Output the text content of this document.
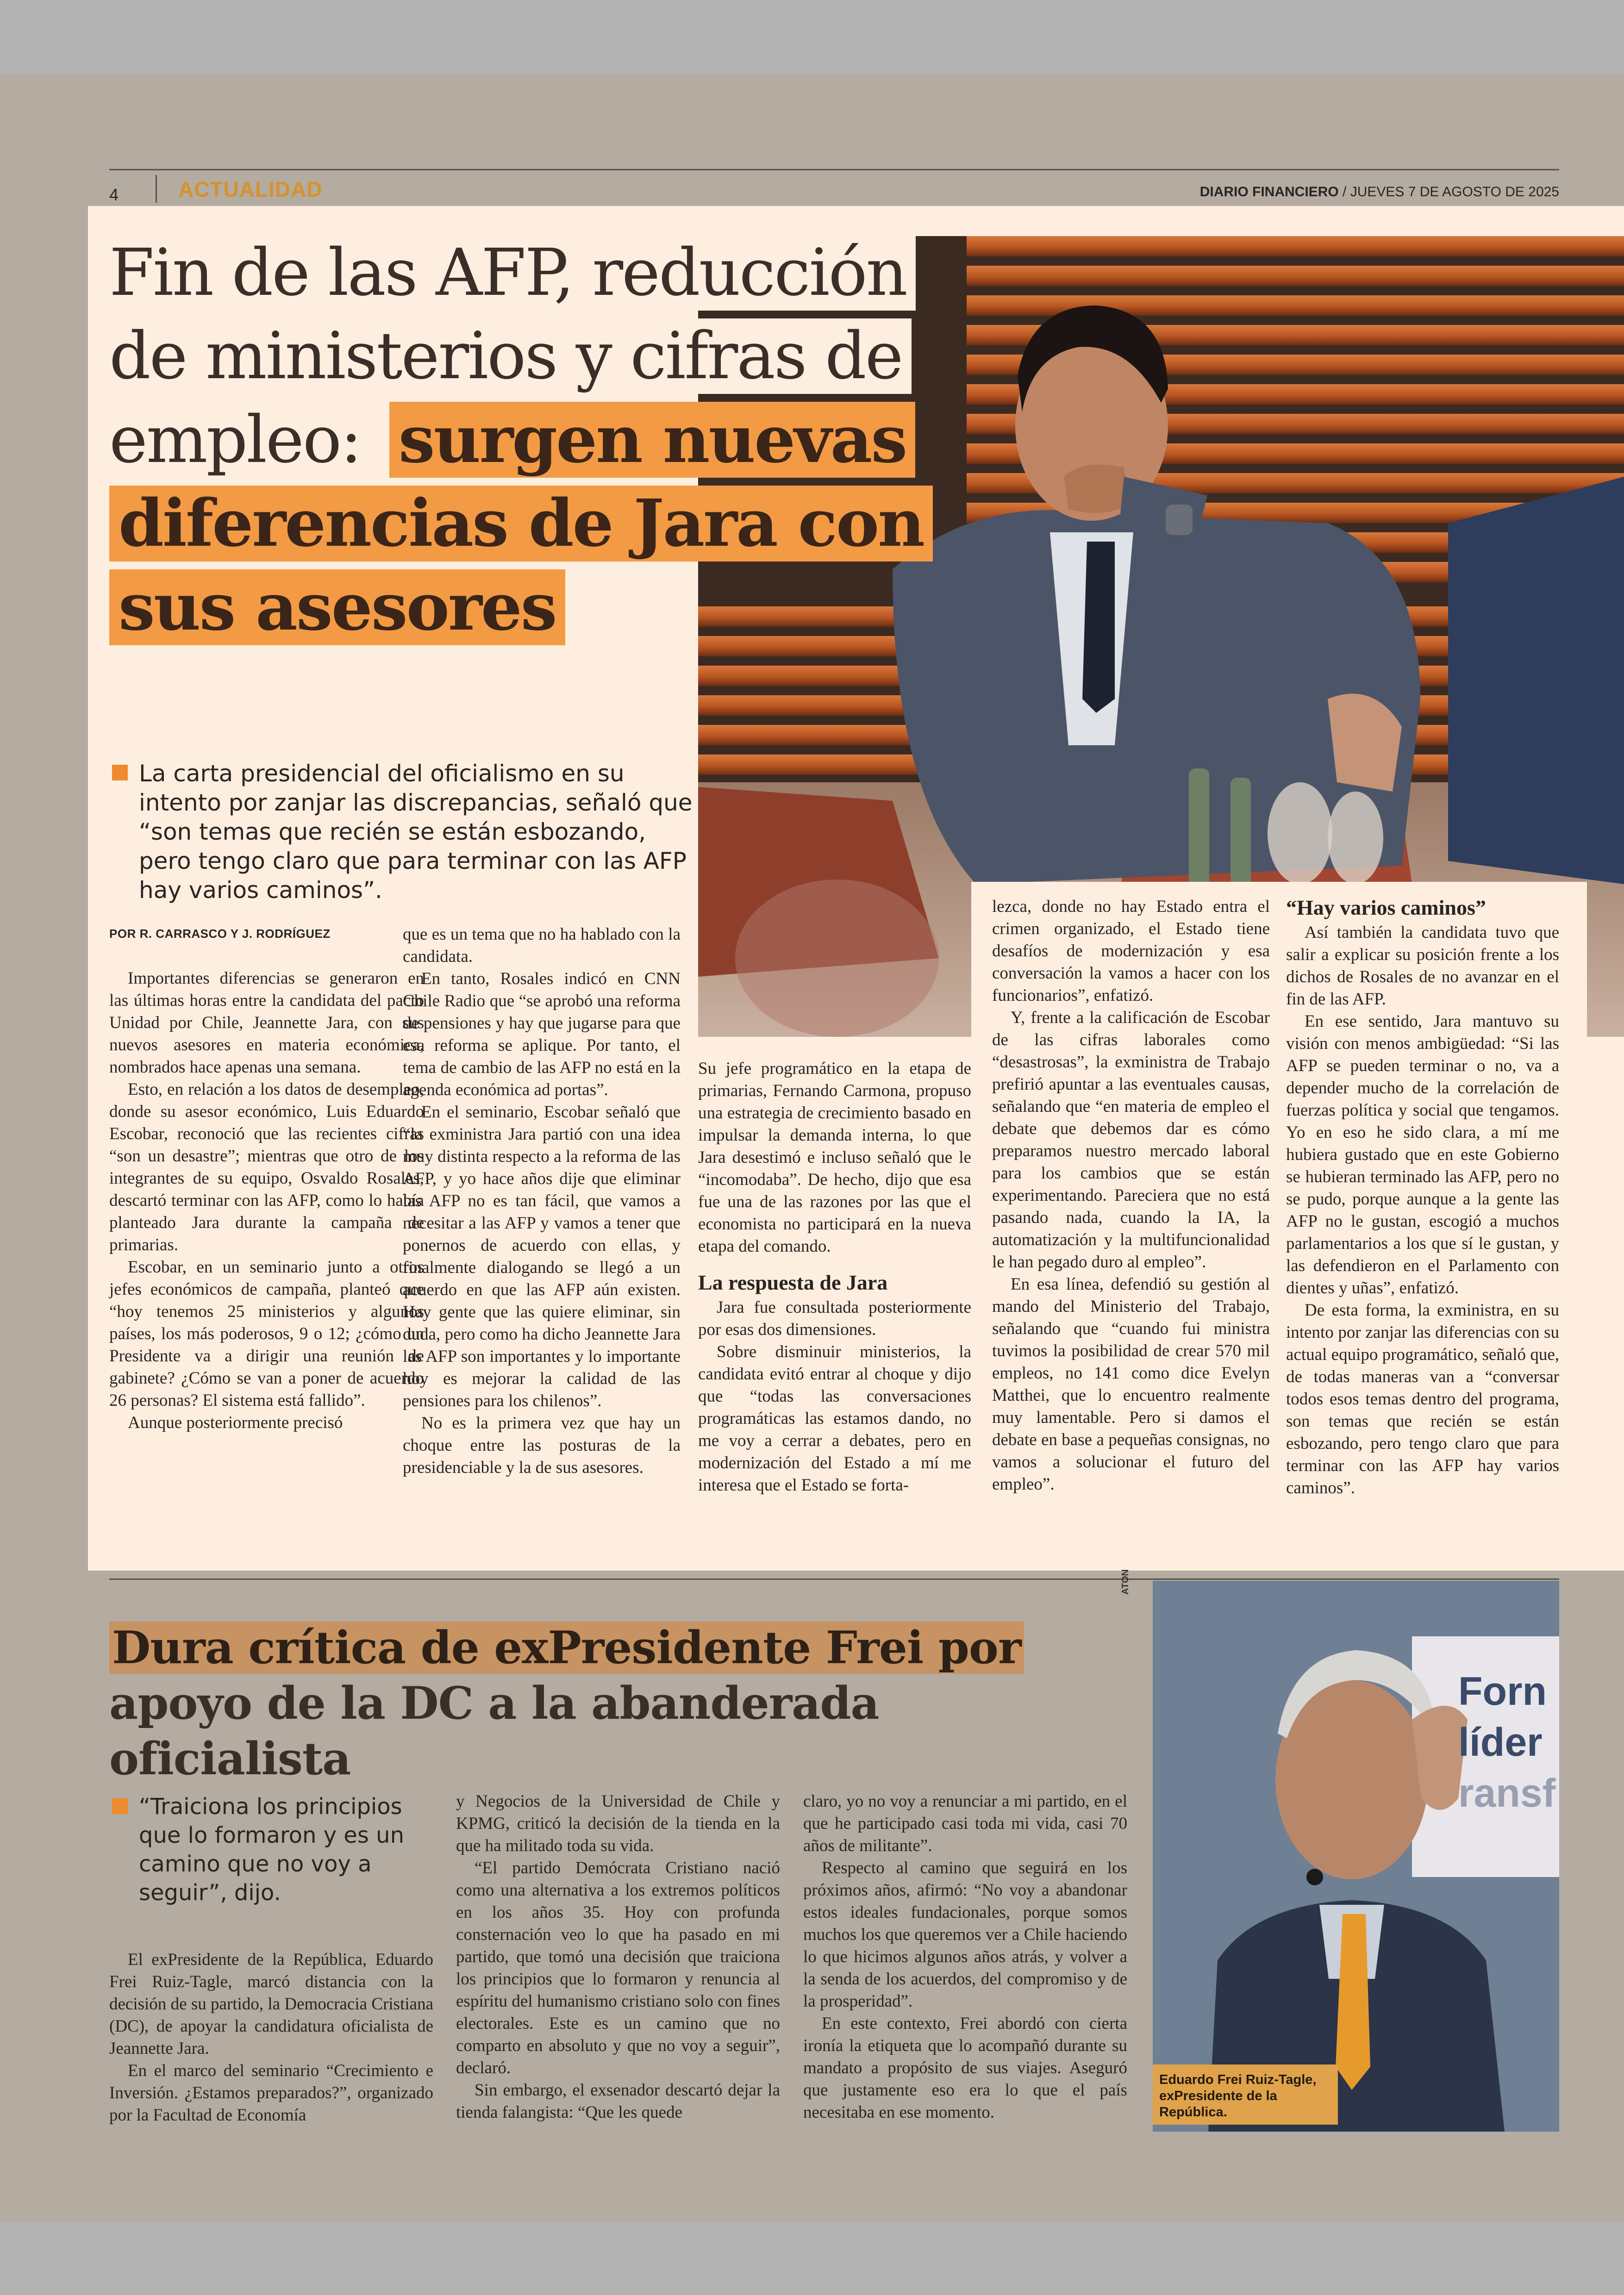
4	ACTUALIDAD	DIARIO FINANCIERO / JUEVES 7 DE AGOSTO DE 2025
Fin de las AFP, reducción de ministerios y cifras de empleo: surgen nuevas diferencias de Jara con sus asesores
La carta presidencial del oficialismo en su intento por zanjar las discrepancias, señaló que “son temas que recién se están esbozando, pero tengo claro que para terminar con las AFP hay varios caminos”.
POR R. CARRASCO Y J. RODRÍGUEZ

Importantes diferencias se generaron en las últimas horas entre la candidata del pacto Unidad por Chile, Jeannette Jara, con sus nuevos asesores en materia económica, nombrados hace apenas una semana.

Esto, en relación a los datos de desempleo, donde su asesor económico, Luis Eduardo Escobar, reconoció que las recientes cifras “son un desastre”; mientras que otro de los integrantes de su equipo, Osvaldo Rosales, descartó terminar con las AFP, como lo había planteado Jara durante la campaña de primarias.

Escobar, en un seminario junto a otros jefes económicos de campaña, planteó que “hoy tenemos 25 ministerios y algunos países, los más poderosos, 9 o 12; ¿cómo un Presidente va a dirigir una reunión de gabinete? ¿Cómo se van a poner de acuerdo 26 personas? El sistema está fallido”.

Aunque posteriormente precisó

que es un tema que no ha hablado con la candidata.

En tanto, Rosales indicó en CNN Chile Radio que “se aprobó una reforma de pensiones y hay que jugarse para que esa reforma se aplique. Por tanto, el tema de cambio de las AFP no está en la agenda económica ad portas”.

En el seminario, Escobar señaló que “la exministra Jara partió con una idea muy distinta respecto a la reforma de las AFP, y yo hace años dije que eliminar las AFP no es tan fácil, que vamos a necesitar a las AFP y vamos a tener que ponernos de acuerdo con ellas, y finalmente dialogando se llegó a un acuerdo en que las AFP aún existen. Hay gente que las quiere eliminar, sin duda, pero como ha dicho Jeannette Jara las AFP son importantes y lo importante hoy es mejorar la calidad de las pensiones para los chilenos”.

No es la primera vez que hay un choque entre las posturas de la presidenciable y la de sus asesores.

Su jefe programático en la etapa de primarias, Fernando Carmona, propuso una estrategia de crecimiento basado en impulsar la demanda interna, lo que Jara desestimó e incluso señaló que le “incomodaba”. De hecho, dijo que esa fue una de las razones por las que el economista no participará en la nueva etapa del comando.

La respuesta de Jara

Jara fue consultada posteriormente por esas dos dimensiones.

Sobre disminuir ministerios, la candidata evitó entrar al choque y dijo que “todas las conversaciones programáticas las estamos dando, no me voy a cerrar a debates, pero en modernización del Estado a mí me interesa que el Estado se forta-

lezca, donde no hay Estado entra el crimen organizado, el Estado tiene desafíos de modernización y esa conversación la vamos a hacer con los funcionarios”, enfatizó.

Y, frente a la calificación de Escobar de las cifras laborales como “desastrosas”, la exministra de Trabajo prefirió apuntar a las eventuales causas, señalando que “en materia de empleo el debate que debemos dar es cómo preparamos nuestro mercado laboral para los cambios que se están experimentando. Pareciera que no está pasando nada, cuando la IA, la automatización y la multifuncionalidad le han pegado duro al empleo”.

En esa línea, defendió su gestión al mando del Ministerio del Trabajo, señalando que “cuando fui ministra tuvimos la posibilidad de crear 570 mil empleos, no 141 como dice Evelyn Matthei, que lo encuentro realmente muy lamentable. Pero si damos el debate en base a pequeñas consignas, no vamos a solucionar el futuro del empleo”.

“Hay varios caminos”

Así también la candidata tuvo que salir a explicar su posición frente a los dichos de Rosales de no avanzar en el fin de las AFP.

En ese sentido, Jara mantuvo su visión con menos ambigüedad: “Si las AFP se pueden terminar o no, va a depender mucho de la correlación de fuerzas política y social que tengamos. Yo en eso he sido clara, a mí me hubiera gustado que en este Gobierno se hubieran terminado las AFP, pero no se pudo, porque aunque a la gente las AFP no le gustan, escogió a muchos parlamentarios a los que sí le gustan, y las defendieron en el Parlamento con dientes y uñas”, enfatizó.

De esta forma, la exministra, en su intento por zanjar las diferencias con su actual equipo programático, señaló que, de todas maneras van a “conversar todos esos temas dentro del programa, son temas que recién se están esbozando, pero tengo claro que para terminar con las AFP hay varios caminos”.

Dura crítica de exPresidente Frei por
apoyo de la DC a la abanderada oficialista
“Traiciona los principios que lo formaron y es un camino que no voy a seguir”, dijo.

El exPresidente de la República, Eduardo Frei Ruiz-Tagle, marcó distancia con la decisión de su partido, la Democracia Cristiana (DC), de apoyar la candidatura oficialista de Jeannette Jara.

En el marco del seminario “Crecimiento e Inversión. ¿Estamos preparados?”, organizado por la Facultad de Economía

y Negocios de la Universidad de Chile y KPMG, criticó la decisión de la tienda en la que ha militado toda su vida.

“El partido Demócrata Cristiano nació como una alternativa a los extremos políticos en los años 35. Hoy con profunda consternación veo lo que ha pasado en mi partido, que tomó una decisión que traiciona los principios que lo formaron y renuncia al espíritu del humanismo cristiano solo con fines electorales. Este es un camino que no comparto en absoluto y que no voy a seguir”, declaró.

Sin embargo, el exsenador descartó dejar la tienda falangista: “Que les quede

claro, yo no voy a renunciar a mi partido, en el que he participado casi toda mi vida, casi 70 años de militante”.

Respecto al camino que seguirá en los próximos años, afirmó: “No voy a abandonar estos ideales fundacionales, porque somos muchos los que queremos ver a Chile haciendo lo que hicimos algunos años atrás, y volver a la senda de los acuerdos, del compromiso y de la prosperidad”.

En este contexto, Frei abordó con cierta ironía la etiqueta que lo acompañó durante su mandato a propósito de sus viajes. Aseguró que justamente eso era lo que el país necesitaba en ese momento.

ATON
Forn
líder
ransf
Eduardo Frei Ruiz-Tagle, exPresidente de la República.
